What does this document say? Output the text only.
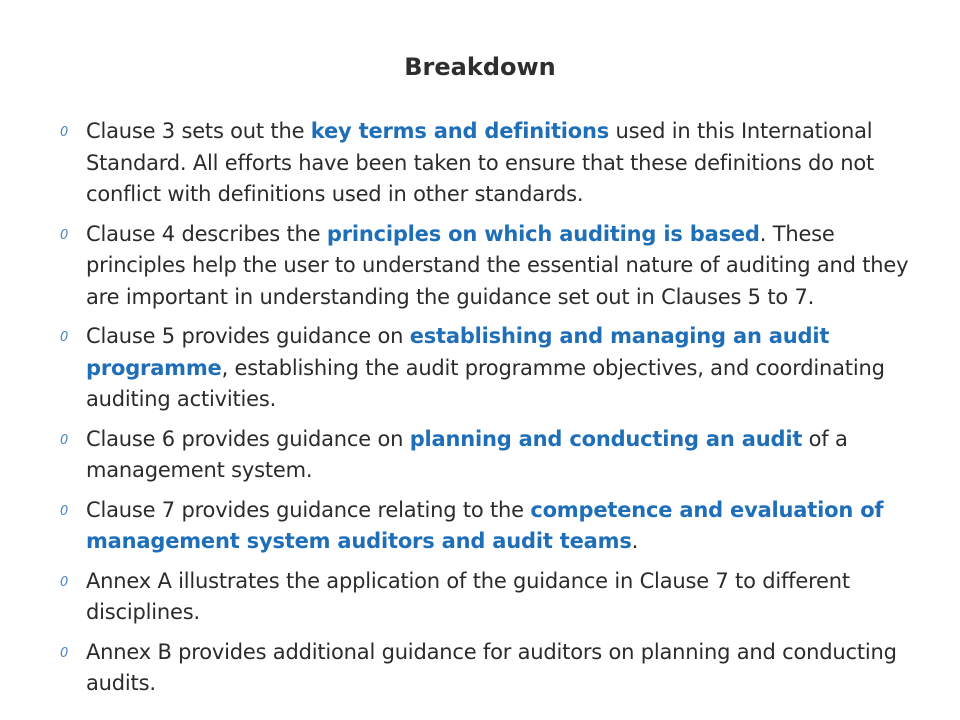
Breakdown
0 Clause 3 sets out the key terms and definitions used in this International Standard. All efforts have been taken to ensure that these definitions do not conflict with definitions used in other standards.
0 Clause 4 describes the principles on which auditing is based. These principles help the user to understand the essential nature of auditing and they are important in understanding the guidance set out in Clauses 5 to 7.
0 Clause 5 provides guidance on establishing and managing an audit programme, establishing the audit programme objectives, and coordinating auditing activities.
0 Clause 6 provides guidance on planning and conducting an audit of a management system.
0 Clause 7 provides guidance relating to the competence and evaluation of management system auditors and audit teams.
0 Annex A illustrates the application of the guidance in Clause 7 to different disciplines.
0 Annex B provides additional guidance for auditors on planning and conducting audits.
